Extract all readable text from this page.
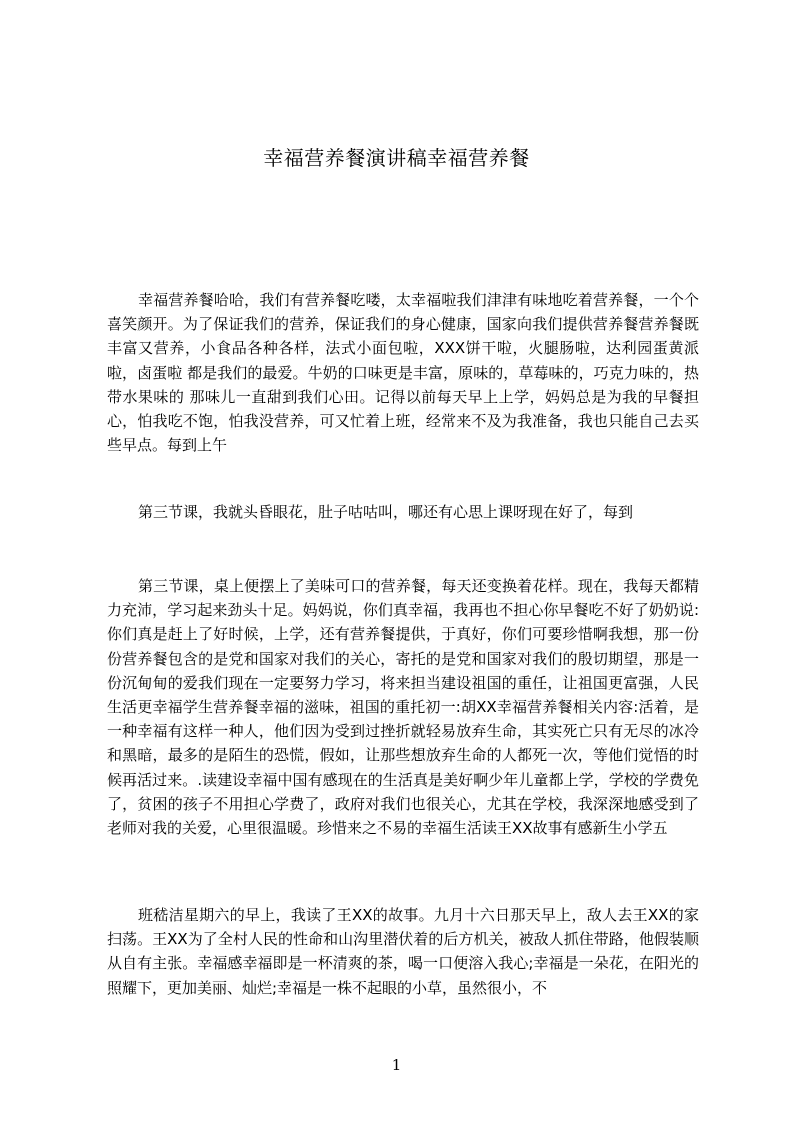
幸福营养餐演讲稿幸福营养餐

幸福营养餐哈哈，我们有营养餐吃喽，太幸福啦我们津津有味地吃着营养餐，一个个喜笑颜开。为了保证我们的营养，保证我们的身心健康，国家向我们提供营养餐营养餐既丰富又营养，小食品各种各样，法式小面包啦，XXX饼干啦，火腿肠啦，达利园蛋黄派啦，卤蛋啦 都是我们的最爱。牛奶的口味更是丰富，原味的，草莓味的，巧克力味的，热带水果味的 那味儿一直甜到我们心田。记得以前每天早上上学，妈妈总是为我的早餐担心，怕我吃不饱，怕我没营养，可又忙着上班，经常来不及为我准备，我也只能自己去买些早点。每到上午

第三节课，我就头昏眼花，肚子咕咕叫，哪还有心思上课呀现在好了，每到

第三节课，桌上便摆上了美味可口的营养餐，每天还变换着花样。现在，我每天都精力充沛，学习起来劲头十足。妈妈说，你们真幸福，我再也不担心你早餐吃不好了奶奶说:你们真是赶上了好时候，上学，还有营养餐提供，于真好，你们可要珍惜啊我想，那一份份营养餐包含的是党和国家对我们的关心，寄托的是党和国家对我们的殷切期望，那是一份沉甸甸的爱我们现在一定要努力学习，将来担当建设祖国的重任，让祖国更富强，人民生活更幸福学生营养餐幸福的滋味，祖国的重托初一:胡XX幸福营养餐相关内容:活着，是一种幸福有这样一种人，他们因为受到过挫折就轻易放弃生命，其实死亡只有无尽的冰冷和黑暗，最多的是陌生的恐慌，假如，让那些想放弃生命的人都死一次，等他们觉悟的时候再活过来。.读建设幸福中国有感现在的生活真是美好啊少年儿童都上学，学校的学费免了，贫困的孩子不用担心学费了，政府对我们也很关心，尤其在学校，我深深地感受到了老师对我的关爱，心里很温暖。珍惜来之不易的幸福生活读王XX故事有感新生小学五

班嵇洁星期六的早上，我读了王XX的故事。九月十六日那天早上，敌人去王XX的家扫荡。王XX为了全村人民的性命和山沟里潜伏着的后方机关，被敌人抓住带路，他假装顺从自有主张。幸福感幸福即是一杯清爽的茶，喝一口便溶入我心;幸福是一朵花，在阳光的照耀下，更加美丽、灿烂;幸福是一株不起眼的小草，虽然很小，不

1
